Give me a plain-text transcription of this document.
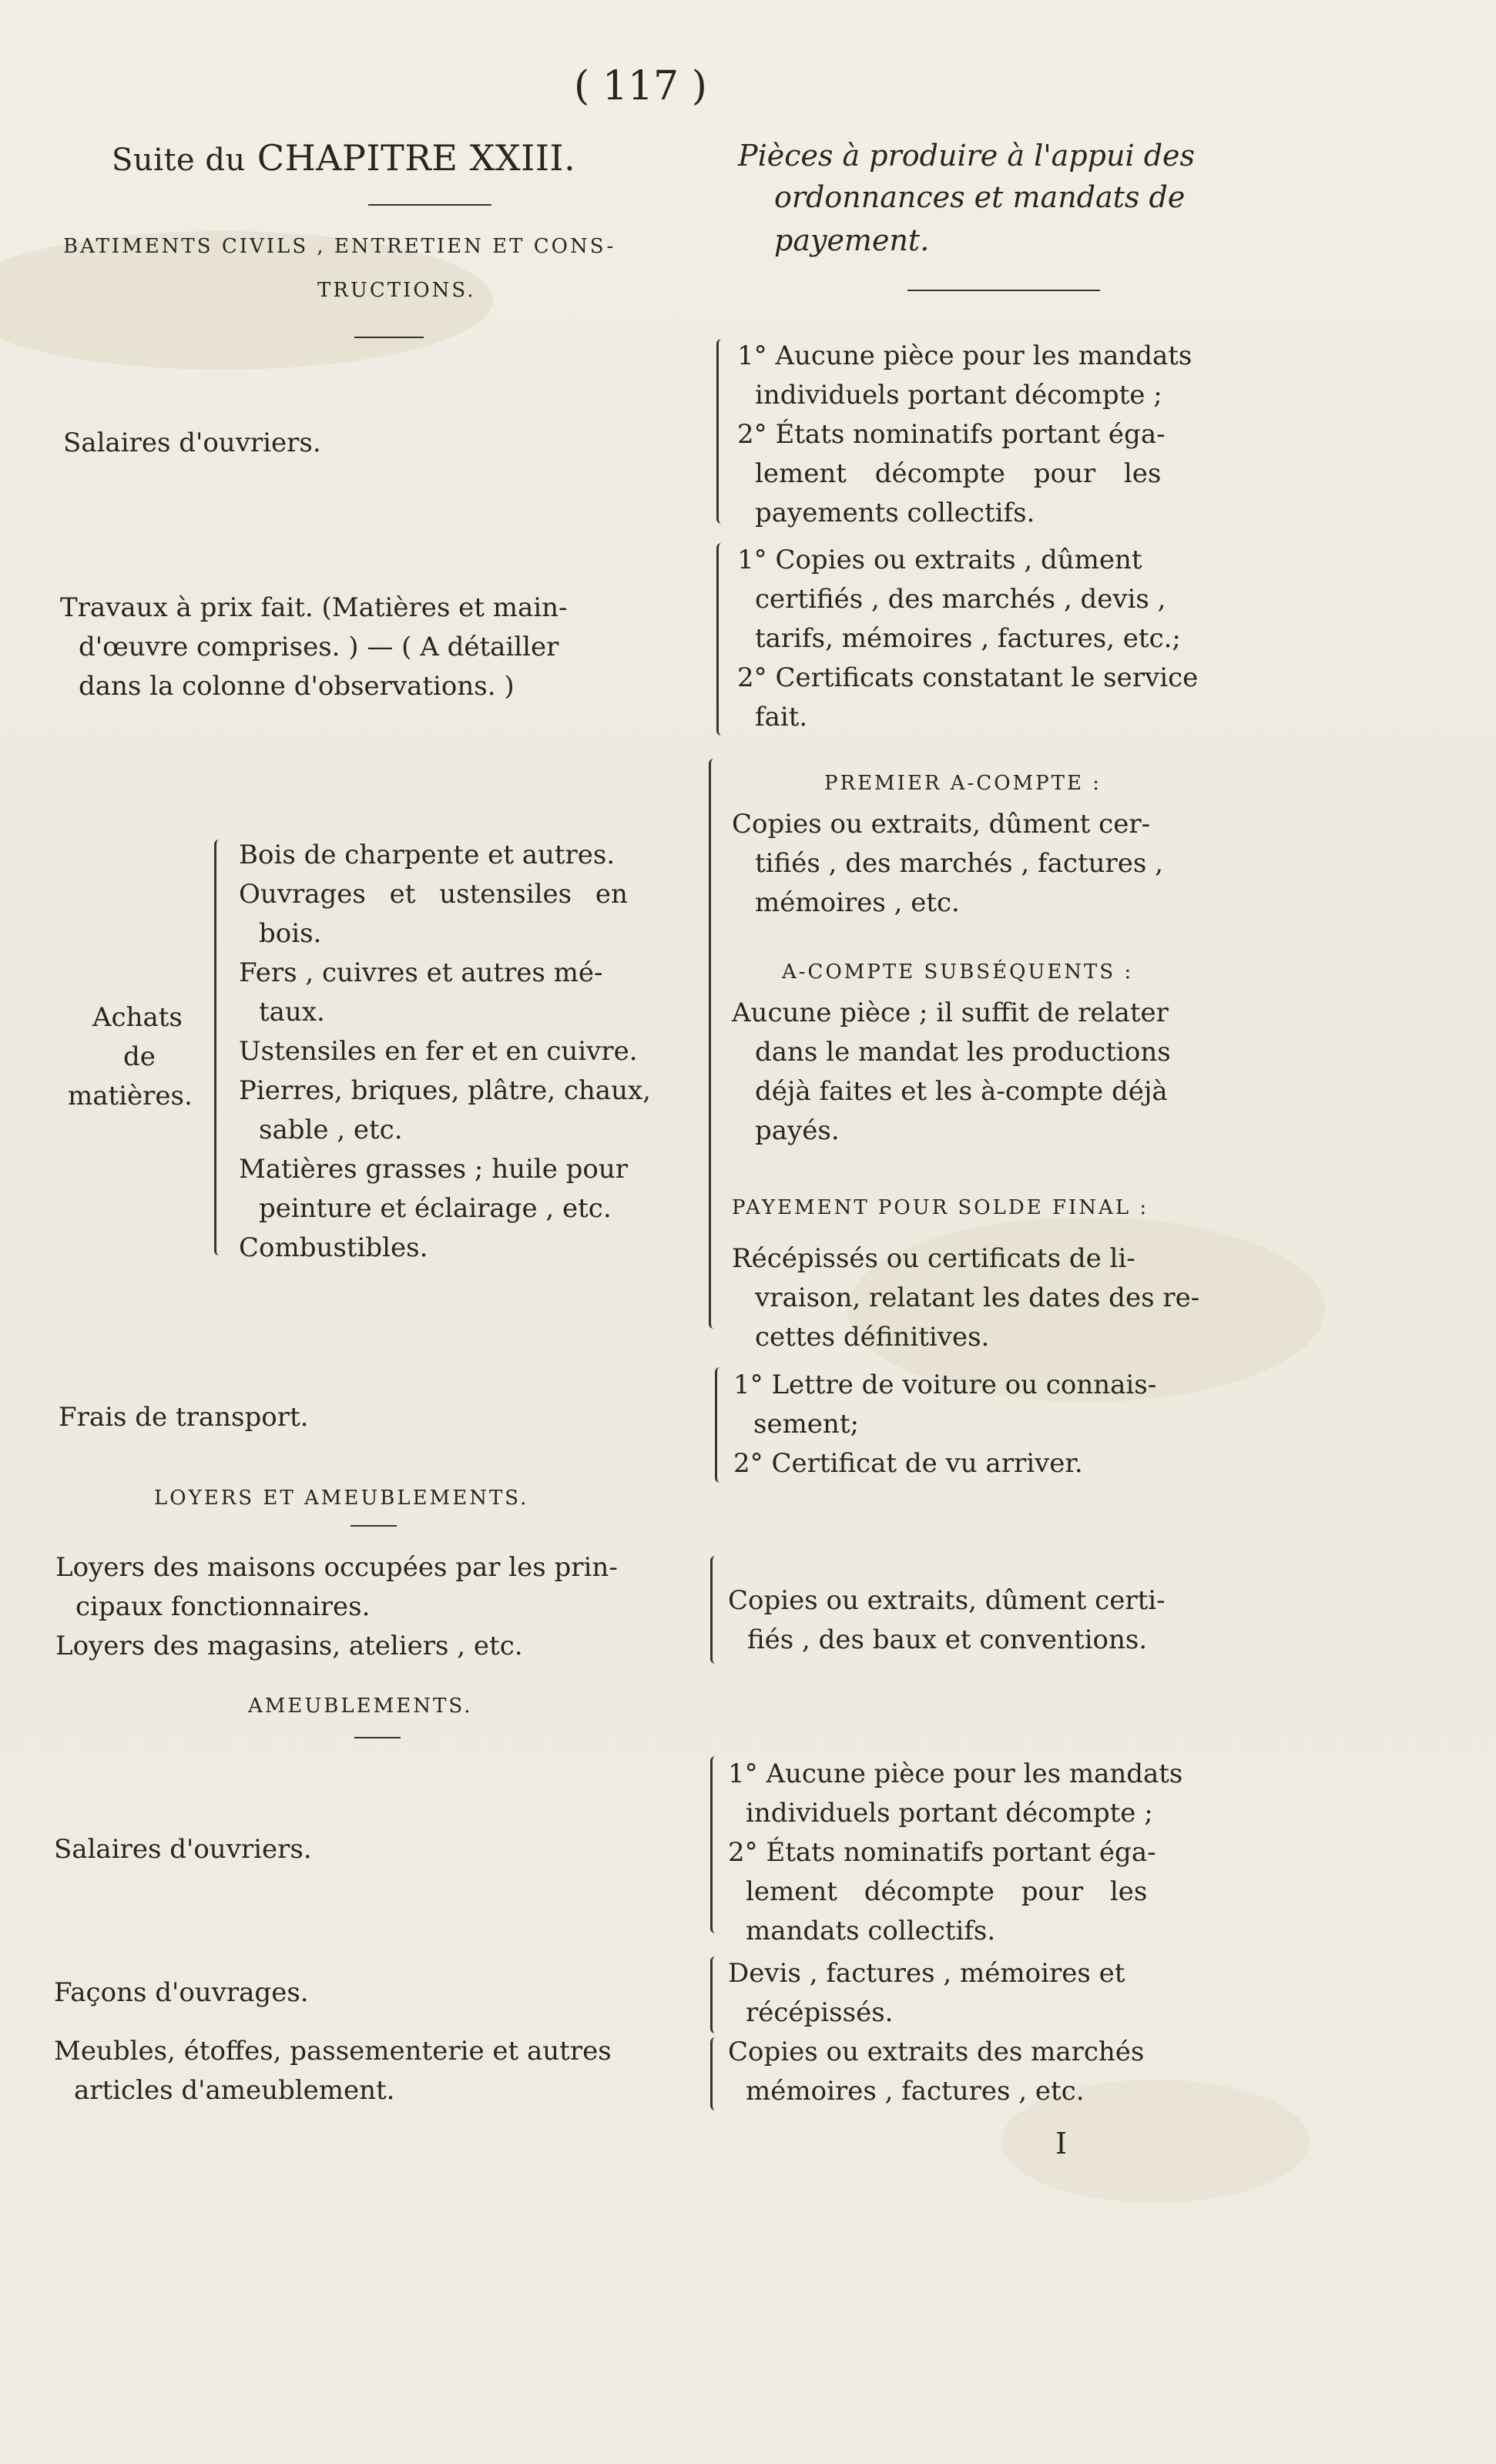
( 117 )
Suite du CHAPITRE XXIII.	Pièces à produire à l'appui des
ordonnances et mandats de
payement.
BATIMENTS CIVILS , ENTRETIEN ET CONS-
TRUCTIONS.
Salaires d'ouvriers.
1° Aucune pièce pour les mandats
individuels portant décompte ;
2° États nominatifs portant éga-
lement décompte pour les
payements collectifs.
Travaux à prix fait. (Matières et main-
d'œuvre comprises. ) — ( A détailler
dans la colonne d'observations. )
1° Copies ou extraits , dûment
certifiés , des marchés , devis ,
tarifs, mémoires , factures, etc.;
2° Certificats constatant le service
fait.
Achats
de
matières.
Bois de charpente et autres.
Ouvrages et ustensiles en
bois.
Fers , cuivres et autres mé-
taux.
Ustensiles en fer et en cuivre.
Pierres, briques, plâtre, chaux,
sable , etc.
Matières grasses ; huile pour
peinture et éclairage , etc.
Combustibles.
PREMIER A-COMPTE :
Copies ou extraits, dûment cer-
tifiés , des marchés , factures ,
mémoires , etc.
A-COMPTE SUBSÉQUENTS :
Aucune pièce ; il suffit de relater
dans le mandat les productions
déjà faites et les à-compte déjà
payés.
PAYEMENT POUR SOLDE FINAL :
Récépissés ou certificats de li-
vraison, relatant les dates des re-
cettes définitives.
Frais de transport.
1° Lettre de voiture ou connais-
sement;
2° Certificat de vu arriver.
LOYERS ET AMEUBLEMENTS.
Loyers des maisons occupées par les prin-
cipaux fonctionnaires.
Loyers des magasins, ateliers , etc.
Copies ou extraits, dûment certi-
fiés , des baux et conventions.
AMEUBLEMENTS.
Salaires d'ouvriers.
1° Aucune pièce pour les mandats
individuels portant décompte ;
2° États nominatifs portant éga-
lement décompte pour les
mandats collectifs.
Façons d'ouvrages.
Devis , factures , mémoires et
récépissés.
Meubles, étoffes, passementerie et autres
articles d'ameublement.
Copies ou extraits des marchés
mémoires , factures , etc.
I
